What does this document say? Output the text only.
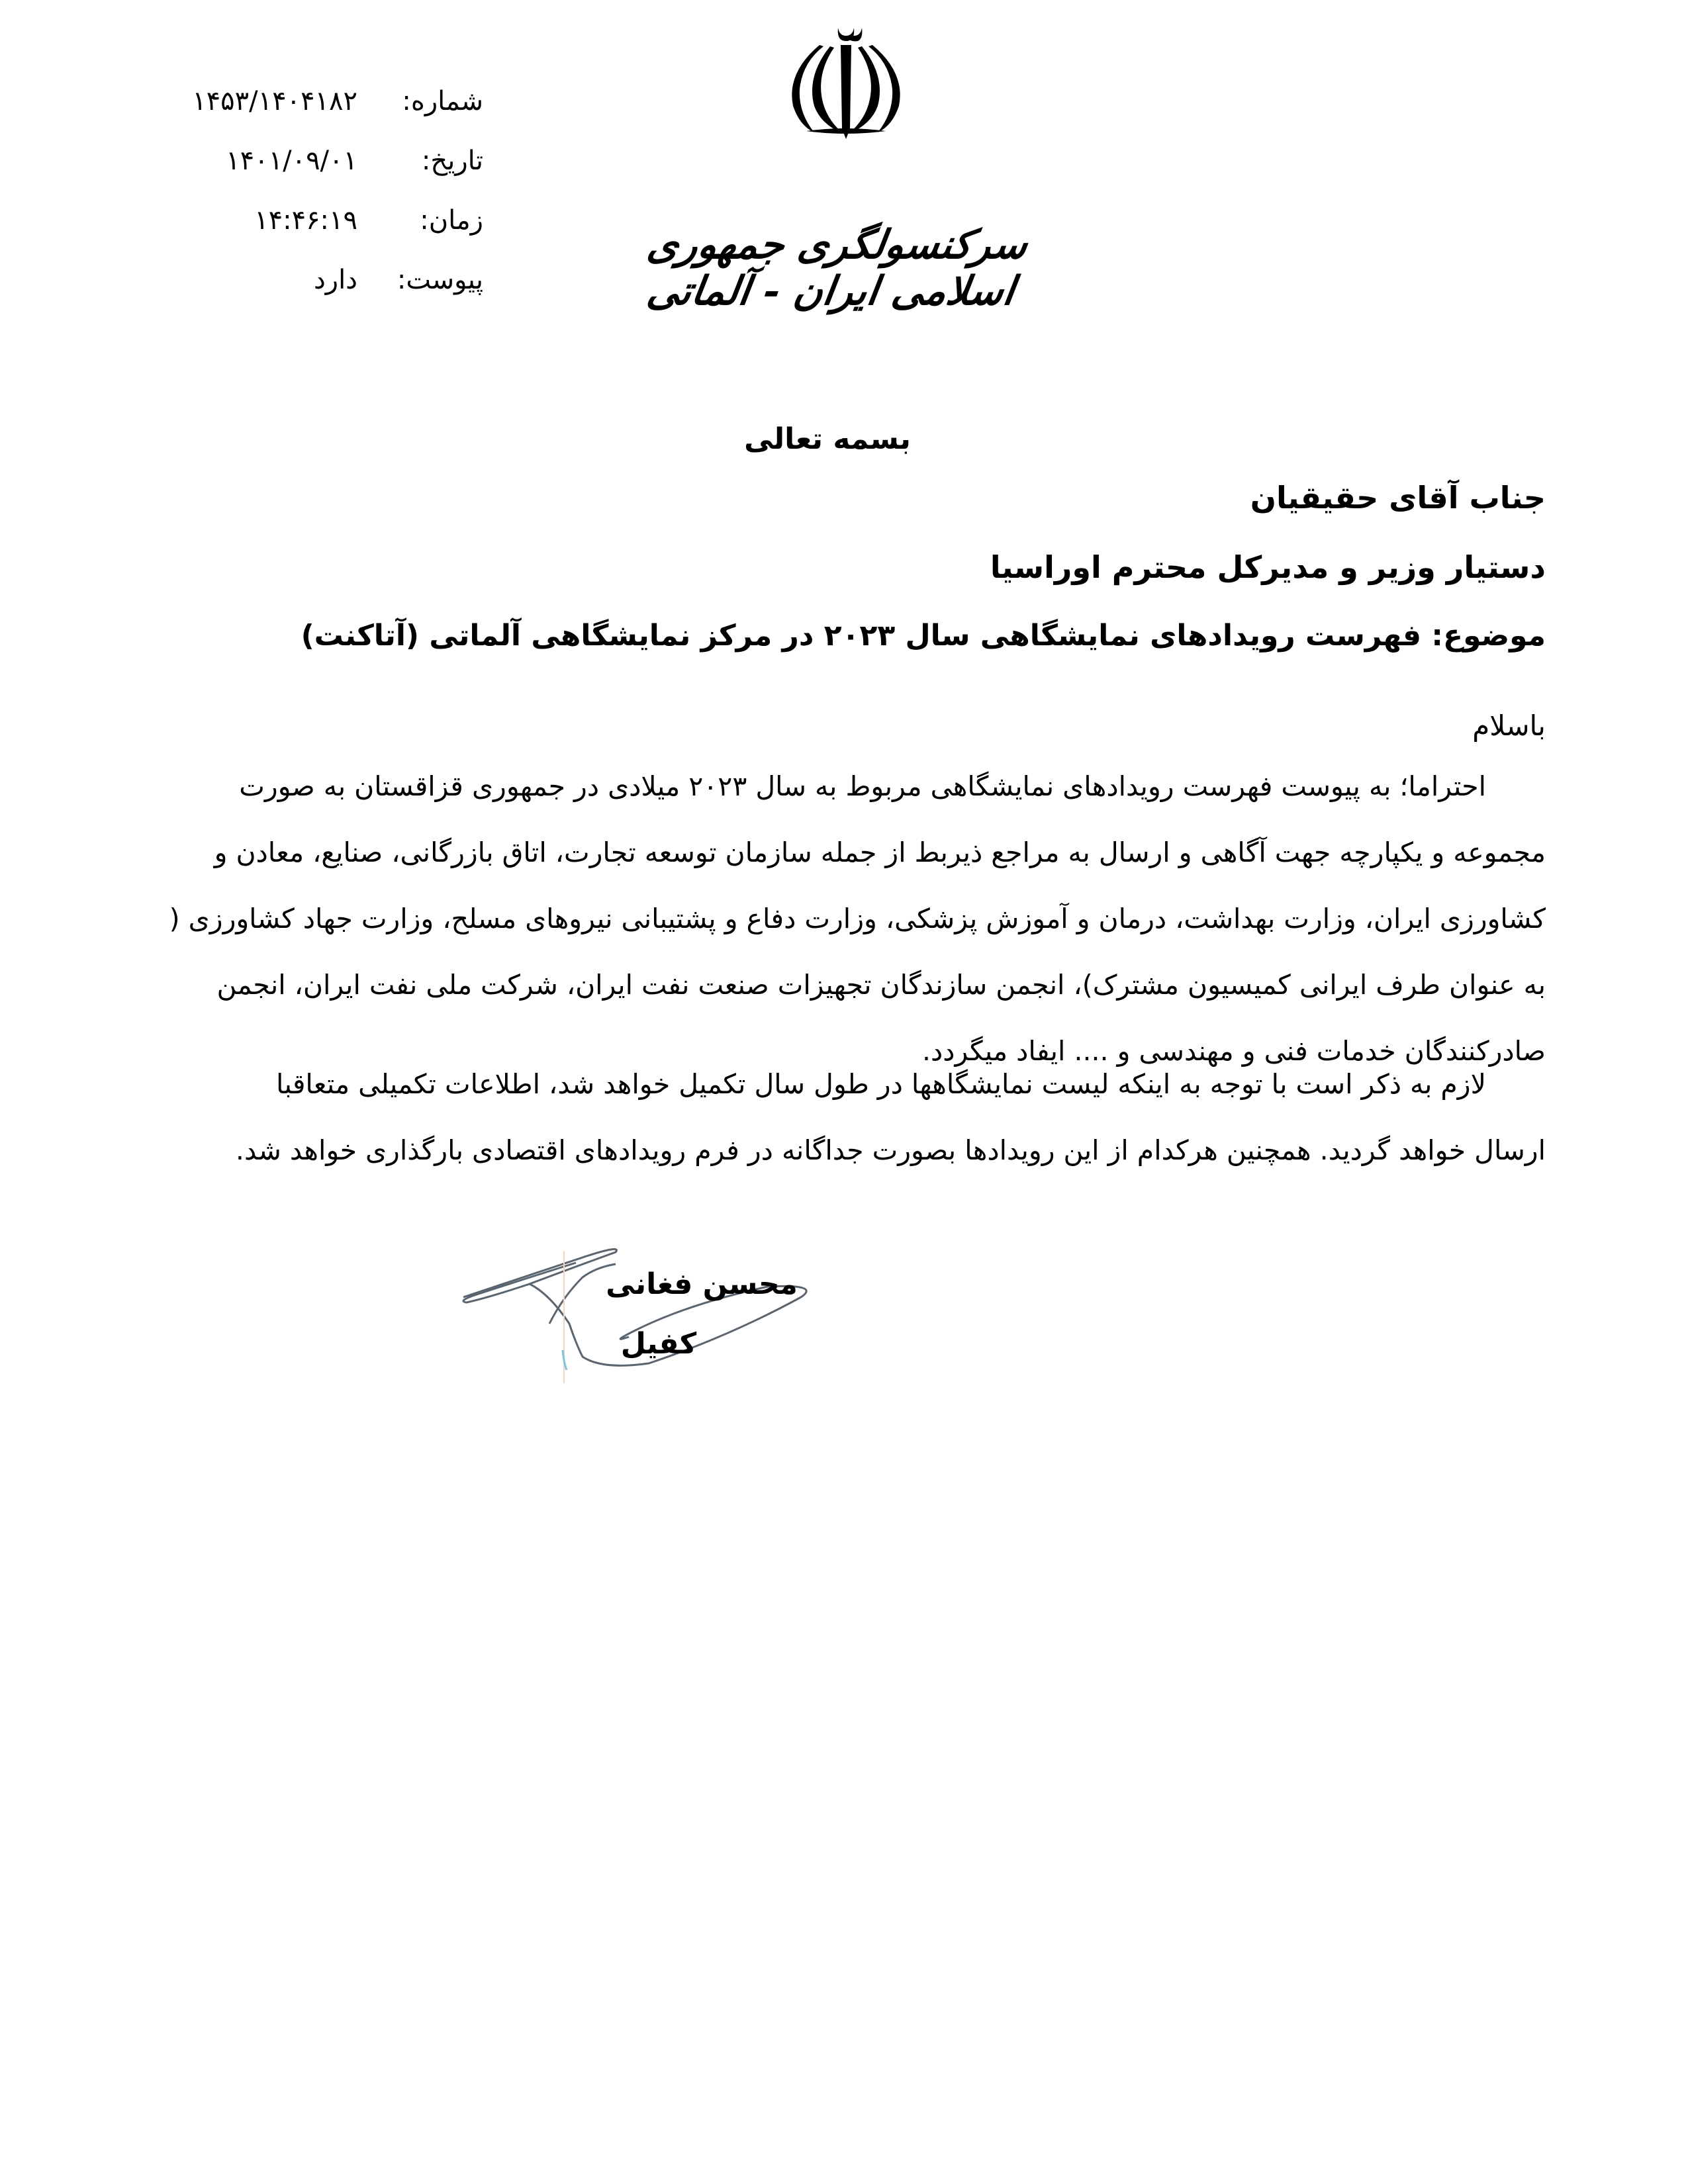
شماره:
۱۴۵۳/۱۴۰۴۱۸۲
تاریخ:
۱۴۰۱/۰۹/۰۱
زمان:
۱۴:۴۶:۱۹
پیوست:
دارد
سرکنسولگری جمهوری اسلامی ایران - آلماتی
بسمه تعالی
جناب آقای حقیقیان
دستیار وزیر و مدیرکل محترم اوراسیا
موضوع: فهرست رویدادهای نمایشگاهی سال ۲۰۲۳ در مرکز نمایشگاهی آلماتی (آتاکنت)
باسلام
احتراما؛ به پیوست فهرست رویدادهای نمایشگاهی مربوط به سال ۲۰۲۳ میلادی در جمهوری قزاقستان به صورت
مجموعه و یکپارچه جهت آگاهی و ارسال به مراجع ذیربط از جمله سازمان توسعه تجارت، اتاق بازرگانی، صنایع، معادن و
کشاورزی ایران، وزارت بهداشت، درمان و آموزش پزشکی، وزارت دفاع و پشتیبانی نیروهای مسلح، وزارت جهاد کشاورزی (
به عنوان طرف ایرانی کمیسیون مشترک)، انجمن سازندگان تجهیزات صنعت نفت ایران، شرکت ملی نفت ایران، انجمن
صادرکنندگان خدمات فنی و مهندسی و .... ایفاد میگردد.
لازم به ذکر است با توجه به اینکه لیست نمایشگاهها در طول سال تکمیل خواهد شد، اطلاعات تکمیلی متعاقبا
ارسال خواهد گردید. همچنین هرکدام از این رویدادها بصورت جداگانه در فرم رویدادهای اقتصادی بارگذاری خواهد شد.
محسن فغانی
کفیل
